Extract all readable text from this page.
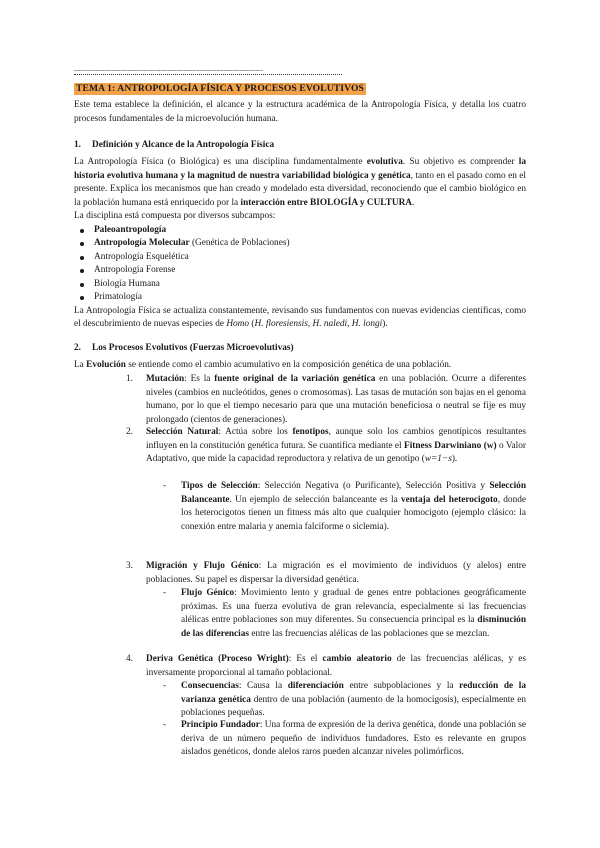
---------------------------------------------------------------------------------
TEMA 1: ANTROPOLOGÍA FÍSICA Y PROCESOS EVOLUTIVOS

Este tema establece la definición, el alcance y la estructura académica de la Antropología Física, y detalla los cuatro procesos fundamentales de la microevolución humana.

1. Definición y Alcance de la Antropología Física

La Antropología Física (o Biológica) es una disciplina fundamentalmente evolutiva. Su objetivo es comprender la historia evolutiva humana y la magnitud de nuestra variabilidad biológica y genética, tanto en el pasado como en el presente. Explica los mecanismos que han creado y modelado esta diversidad, reconociendo que el cambio biológico en la población humana está enriquecido por la interacción entre BIOLOGÍA y CULTURA.

La disciplina está compuesta por diversos subcampos:

Paleoantropología
Antropología Molecular (Genética de Poblaciones)
Antropología Esquelética
Antropología Forense
Biología Humana
Primatología

La Antropología Física se actualiza constantemente, revisando sus fundamentos con nuevas evidencias científicas, como el descubrimiento de nuevas especies de Homo (H. floresiensis, H. naledi, H. longi).

2. Los Procesos Evolutivos (Fuerzas Microevolutivas)

La Evolución se entiende como el cambio acumulativo en la composición genética de una población.

1.	Mutación: Es la fuente original de la variación genética en una población. Ocurre a diferentes niveles (cambios en nucleótidos, genes o cromosomas). Las tasas de mutación son bajas en el genoma humano, por lo que el tiempo necesario para que una mutación beneficiosa o neutral se fije es muy prolongado (cientos de generaciones).

2.	Selección Natural: Actúa sobre los fenotipos, aunque solo los cambios genotípicos resultantes influyen en la constitución genética futura. Se cuantifica mediante el Fitness Darwiniano (w) o Valor Adaptativo, que mide la capacidad reproductora y relativa de un genotipo (w=1−s).

- Tipos de Selección: Selección Negativa (o Purificante), Selección Positiva y Selección Balanceante. Un ejemplo de selección balanceante es la ventaja del heterocigoto, donde los heterocigotos tienen un fitness más alto que cualquier homocigoto (ejemplo clásico: la conexión entre malaria y anemia falciforme o siclemia).

3.	Migración y Flujo Génico: La migración es el movimiento de individuos (y alelos) entre poblaciones. Su papel es dispersar la diversidad genética.

- Flujo Génico: Movimiento lento y gradual de genes entre poblaciones geográficamente próximas. Es una fuerza evolutiva de gran relevancia, especialmente si las frecuencias alélicas entre poblaciones son muy diferentes. Su consecuencia principal es la disminución de las diferencias entre las frecuencias alélicas de las poblaciones que se mezclan.

4.	Deriva Genética (Proceso Wright): Es el cambio aleatorio de las frecuencias alélicas, y es inversamente proporcional al tamaño poblacional.

- Consecuencias: Causa la diferenciación entre subpoblaciones y la reducción de la varianza genética dentro de una población (aumento de la homocigosis), especialmente en poblaciones pequeñas.

- Principio Fundador: Una forma de expresión de la deriva genética, donde una población se deriva de un número pequeño de individuos fundadores. Esto es relevante en grupos aislados genéticos, donde alelos raros pueden alcanzar niveles polimórficos.
